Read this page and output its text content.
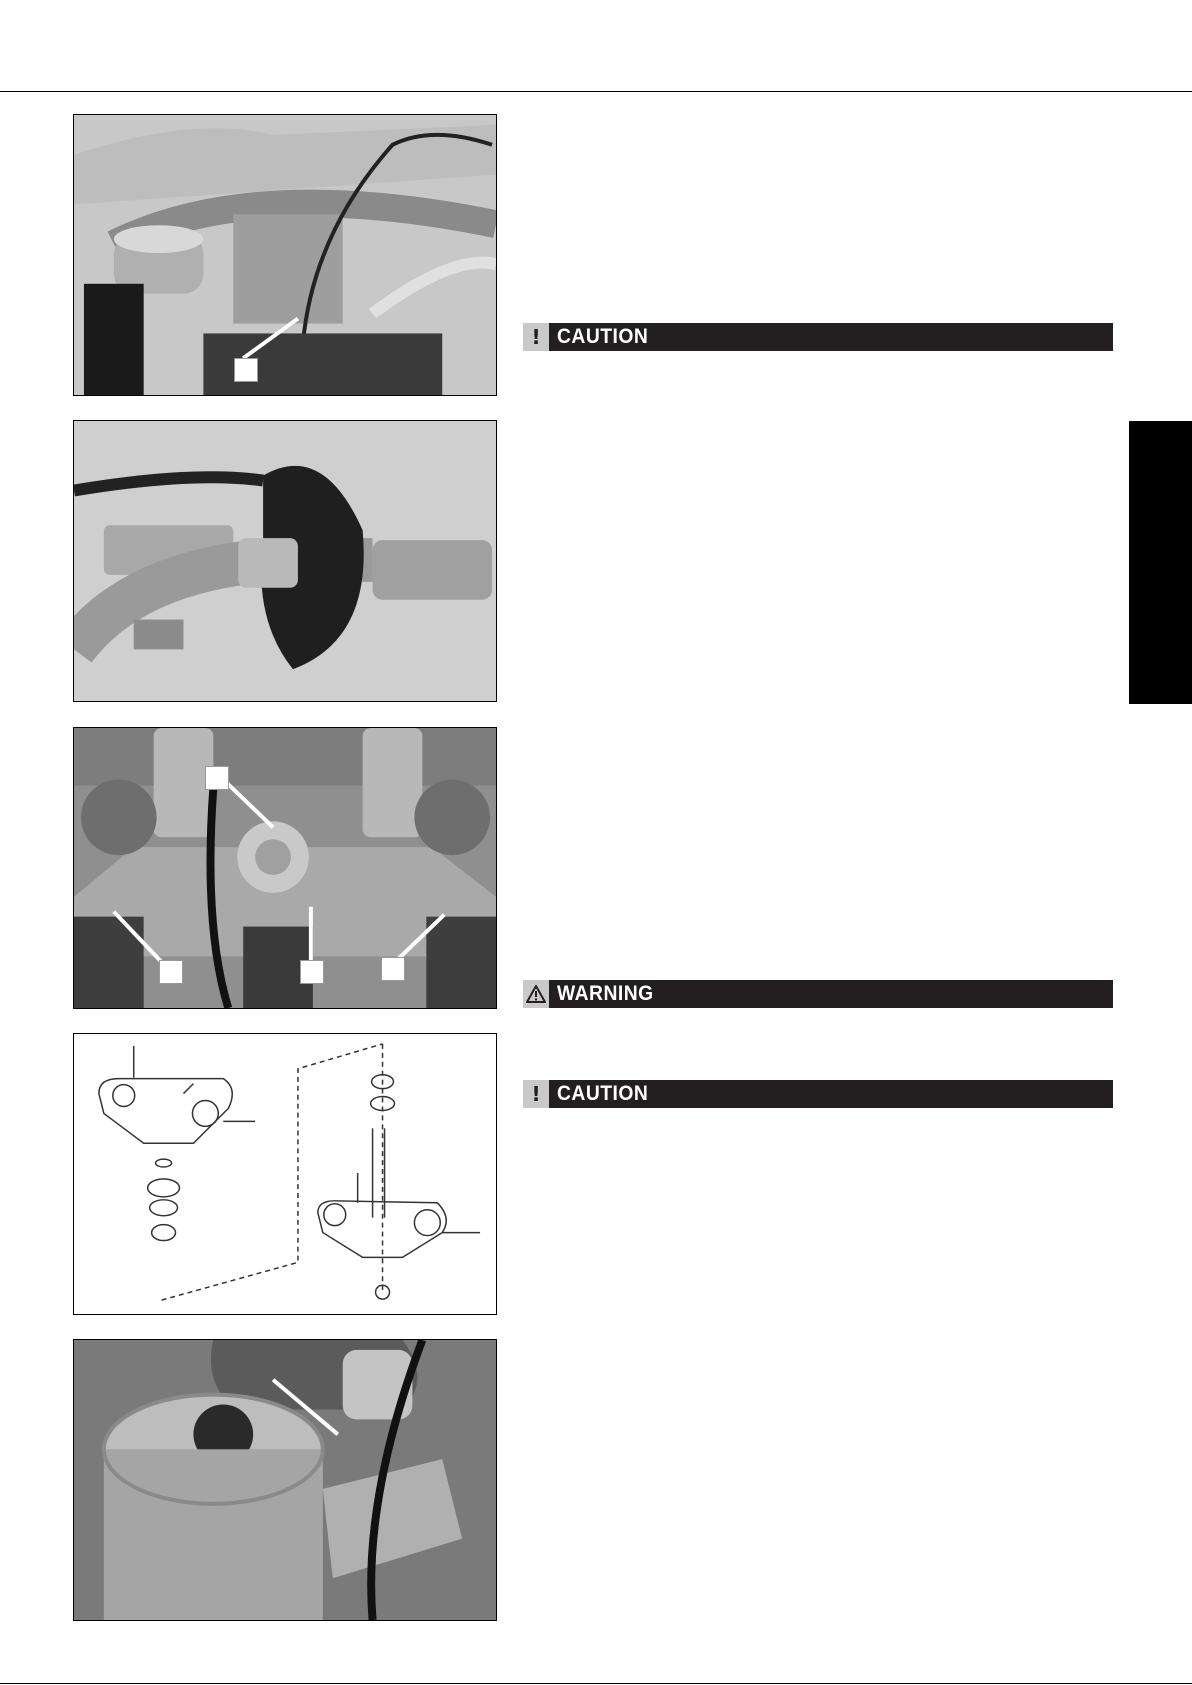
! CAUTION
WARNING
! CAUTION
